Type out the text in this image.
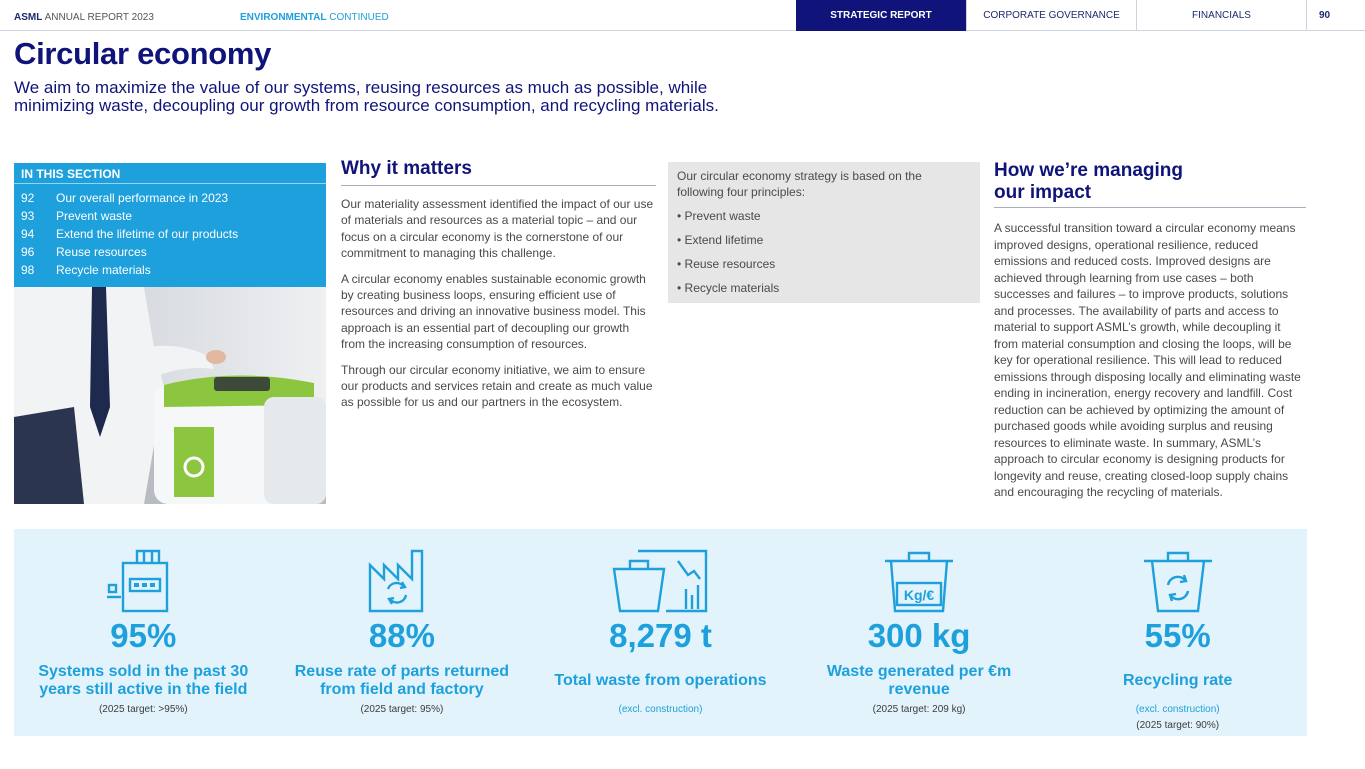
ASML ANNUAL REPORT 2023	ENVIRONMENTAL CONTINUED	STRATEGIC REPORT	CORPORATE GOVERNANCE	FINANCIALS	90
Circular economy

We aim to maximize the value of our systems, reusing resources as much as possible, while minimizing waste, decoupling our growth from resource consumption, and recycling materials.

IN THIS SECTION
92	Our overall performance in 2023
93	Prevent waste
94	Extend the lifetime of our products
96	Reuse resources
98	Recycle materials
Why it matters

Our materiality assessment identified the impact of our use of materials and resources as a material topic – and our focus on a circular economy is the cornerstone of our commitment to managing this challenge.

A circular economy enables sustainable economic growth by creating business loops, ensuring efficient use of resources and driving an innovative business model. This approach is an essential part of decoupling our growth from the increasing consumption of resources.

Through our circular economy initiative, we aim to ensure our products and services retain and create as much value as possible for us and our partners in the ecosystem.

Our circular economy strategy is based on the following four principles:

• Prevent waste
• Extend lifetime
• Reuse resources
• Recycle materials
How we’re managing
our impact

A successful transition toward a circular economy means improved designs, operational resilience, reduced emissions and reduced costs. Improved designs are achieved through learning from use cases – both successes and failures – to improve products, solutions and processes. The availability of parts and access to material to support ASML’s growth, while decoupling it from material consumption and closing the loops, will be key for operational resilience. This will lead to reduced emissions through disposing locally and eliminating waste ending in incineration, energy recovery and landfill. Cost reduction can be achieved by optimizing the amount of purchased goods while avoiding surplus and reusing resources to eliminate waste. In summary, ASML’s approach to circular economy is designing products for longevity and reuse, creating closed-loop supply chains and encouraging the recycling of materials.

95%
Systems sold in the past 30 years still active in the field
(2025 target: >95%)
88%
Reuse rate of parts returned from field and factory
(2025 target: 95%)
8,279 t
Total waste from operations
(excl. construction)
Kg/€
300 kg
Waste generated per €m revenue
(2025 target: 209 kg)
55%
Recycling rate
(excl. construction)
(2025 target: 90%)
